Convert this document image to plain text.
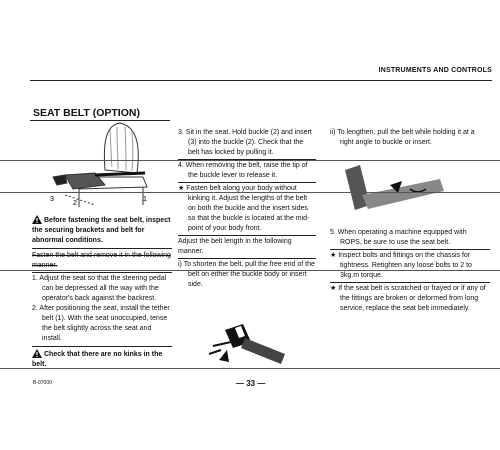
INSTRUMENTS AND CONTROLS
SEAT BELT (OPTION)
3
2
1

Before fastening the seat belt, inspect the securing brackets and belt for abnormal conditions.

Fasten the belt and remove it in the following manner.

1. Adjust the seat so that the steering pedal can be depressed all the way with the operator's back against the backrest.

2. After positioning the seat, install the tether belt (1). With the seat unoccupied, tense the belt slightly across the seat and install.

Check that there are no kinks in the belt.

3. Sit in the seat. Hold buckle (2) and insert (3) into the buckle (2). Check that the belt has locked by pulling it.

4. When removing the belt, raise the tip of the buckle lever to release it.

★ Fasten belt along your body without kinking it. Adjust the lengths of the belt on both the buckle and the insert sides so that the buckle is located at the mid-point of your body front.

Adjust the belt length in the following manner.

i) To shorten the belt, pull the free end of the belt on either the buckle body or insert side.

ii) To lengthen, pull the belt while holding it at a right angle to buckle or insert.

5. When operating a machine equipped with ROPS, be sure to use the seat belt.

★ Inspect bolts and fittings on the chassis for tightness. Retighten any loose bolts to 2 to 3kg.m torque.

★ If the seat belt is scratched or frayed or if any of the fittings are broken or deformed from long service, replace the seat belt immediately.

B-07000	— 33 —
